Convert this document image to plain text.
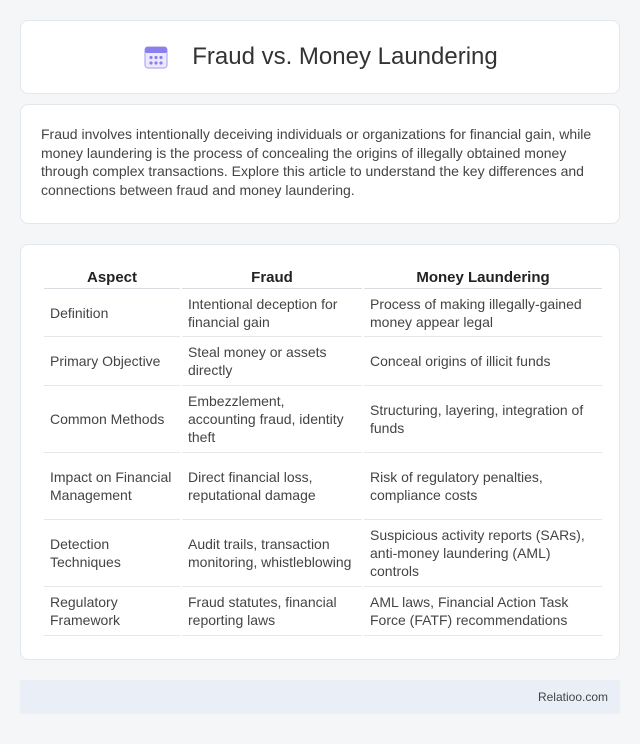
Fraud vs. Money Laundering

Fraud involves intentionally deceiving individuals or organizations for financial gain, while money laundering is the process of concealing the origins of illegally obtained money through complex transactions. Explore this article to understand the key differences and connections between fraud and money laundering.

Aspect	Fraud	Money Laundering
Definition	Intentional deception for financial gain	Process of making illegally-gained money appear legal
Primary Objective	Steal money or assets directly	Conceal origins of illicit funds
Common Methods	Embezzlement, accounting fraud, identity theft	Structuring, layering, integration of funds
Impact on Financial Management	Direct financial loss, reputational damage	Risk of regulatory penalties, compliance costs
Detection Techniques	Audit trails, transaction monitoring, whistleblowing	Suspicious activity reports (SARs), anti-money laundering (AML) controls
Regulatory Framework	Fraud statutes, financial reporting laws	AML laws, Financial Action Task Force (FATF) recommendations
Relatioo.com
